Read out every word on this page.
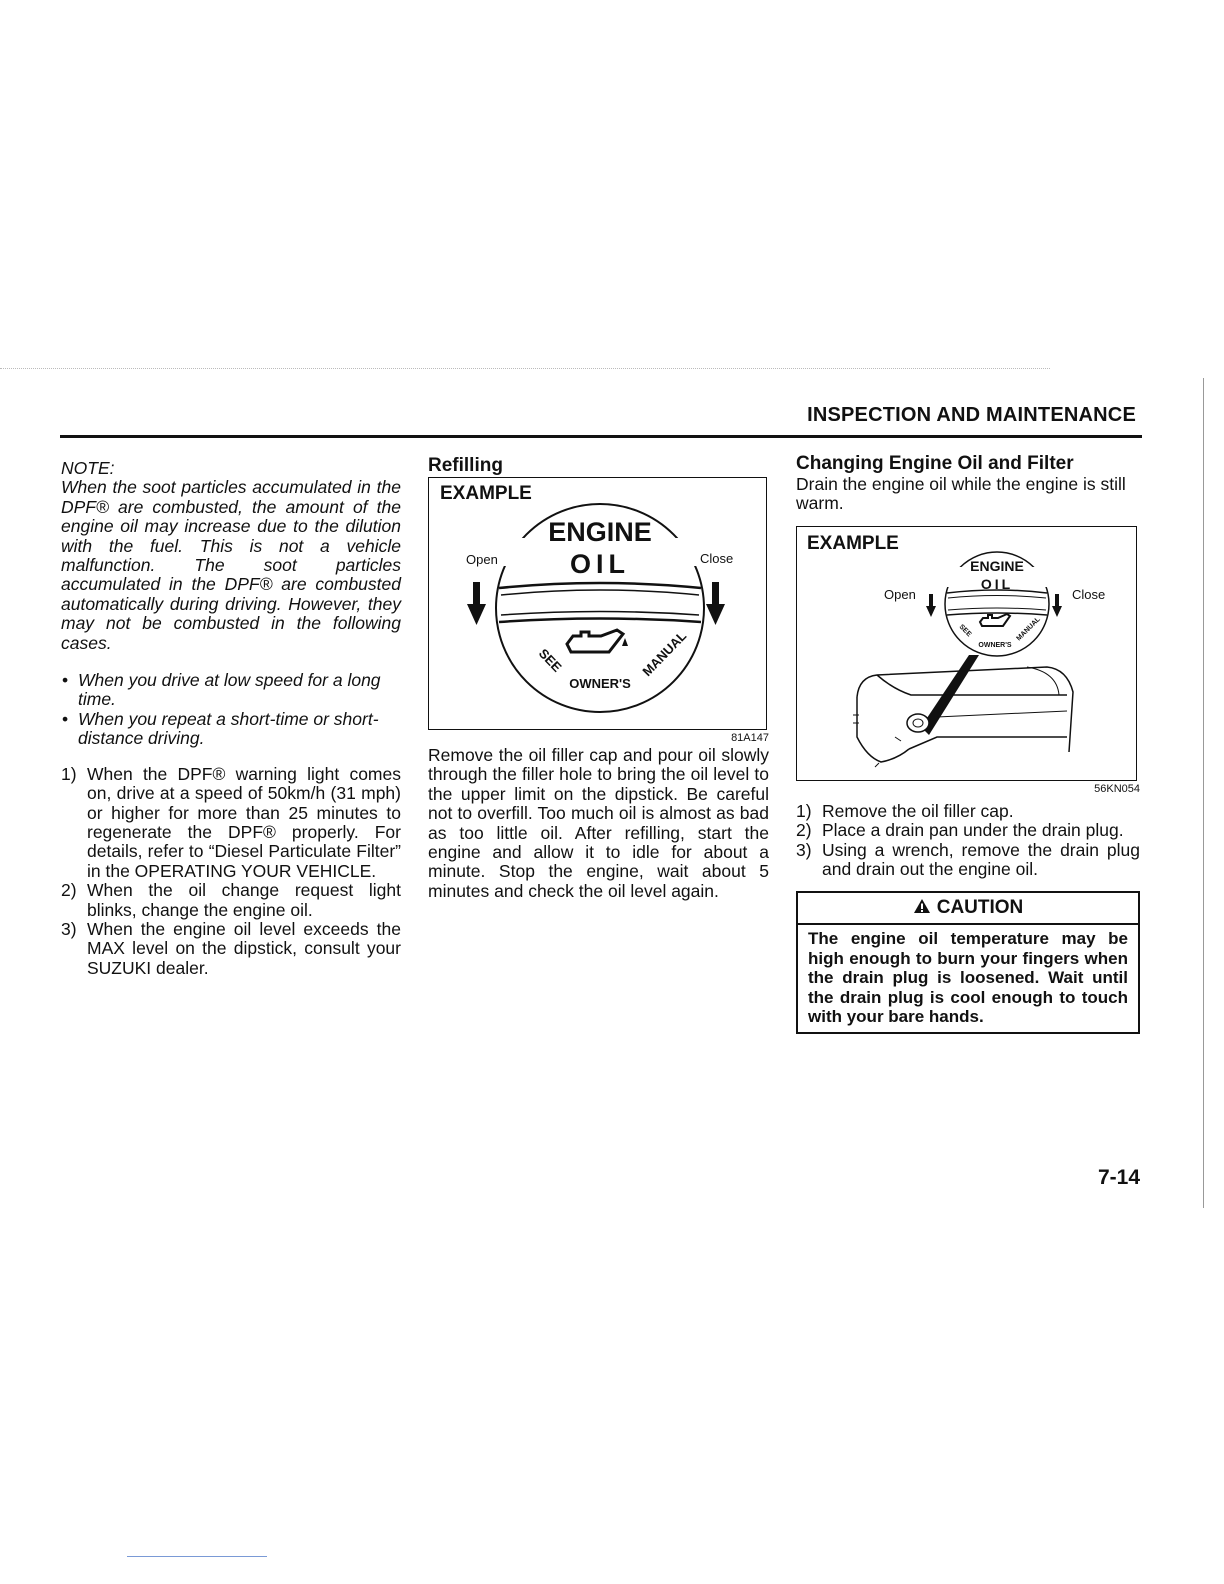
INSPECTION AND MAINTENANCE

NOTE:

When the soot particles accumulated in the DPF® are combusted, the amount of the engine oil may increase due to the dilution with the fuel. This is not a vehicle malfunction. The soot particles accumulated in the DPF® are combusted automatically during driving. However, they may not be combusted in the following cases.

• When you drive at low speed for a long time.
• When you repeat a short-time or short-distance driving.
1) When the DPF® warning light comes on, drive at a speed of 50km/h (31 mph) or higher for more than 25 minutes to regenerate the DPF® properly. For details, refer to “Diesel Particulate Filter” in the OPERATING YOUR VEHICLE.
2) When the oil change request light blinks, change the engine oil.
3) When the engine oil level exceeds the MAX level on the dipstick, consult your SUZUKI dealer.
Refilling
EXAMPLE
ENGINE
OIL
Open	Close
SEE
OWNER'S
MANUAL
81A147

Remove the oil filler cap and pour oil slowly through the filler hole to bring the oil level to the upper limit on the dipstick. Be careful not to overfill. Too much oil is almost as bad as too little oil. After refilling, start the engine and allow it to idle for about a minute. Stop the engine, wait about 5 minutes and check the oil level again.

Changing Engine Oil and Filter

Drain the engine oil while the engine is still warm.

EXAMPLE
ENGINE
OIL
Open	Close
SEE
OWNER'S
MANUAL
56KN054
1) Remove the oil filler cap.
2) Place a drain pan under the drain plug.
3) Using a wrench, remove the drain plug and drain out the engine oil.
CAUTION
The engine oil temperature may be high enough to burn your fingers when the drain plug is loosened. Wait until the drain plug is cool enough to touch with your bare hands.
7-14
